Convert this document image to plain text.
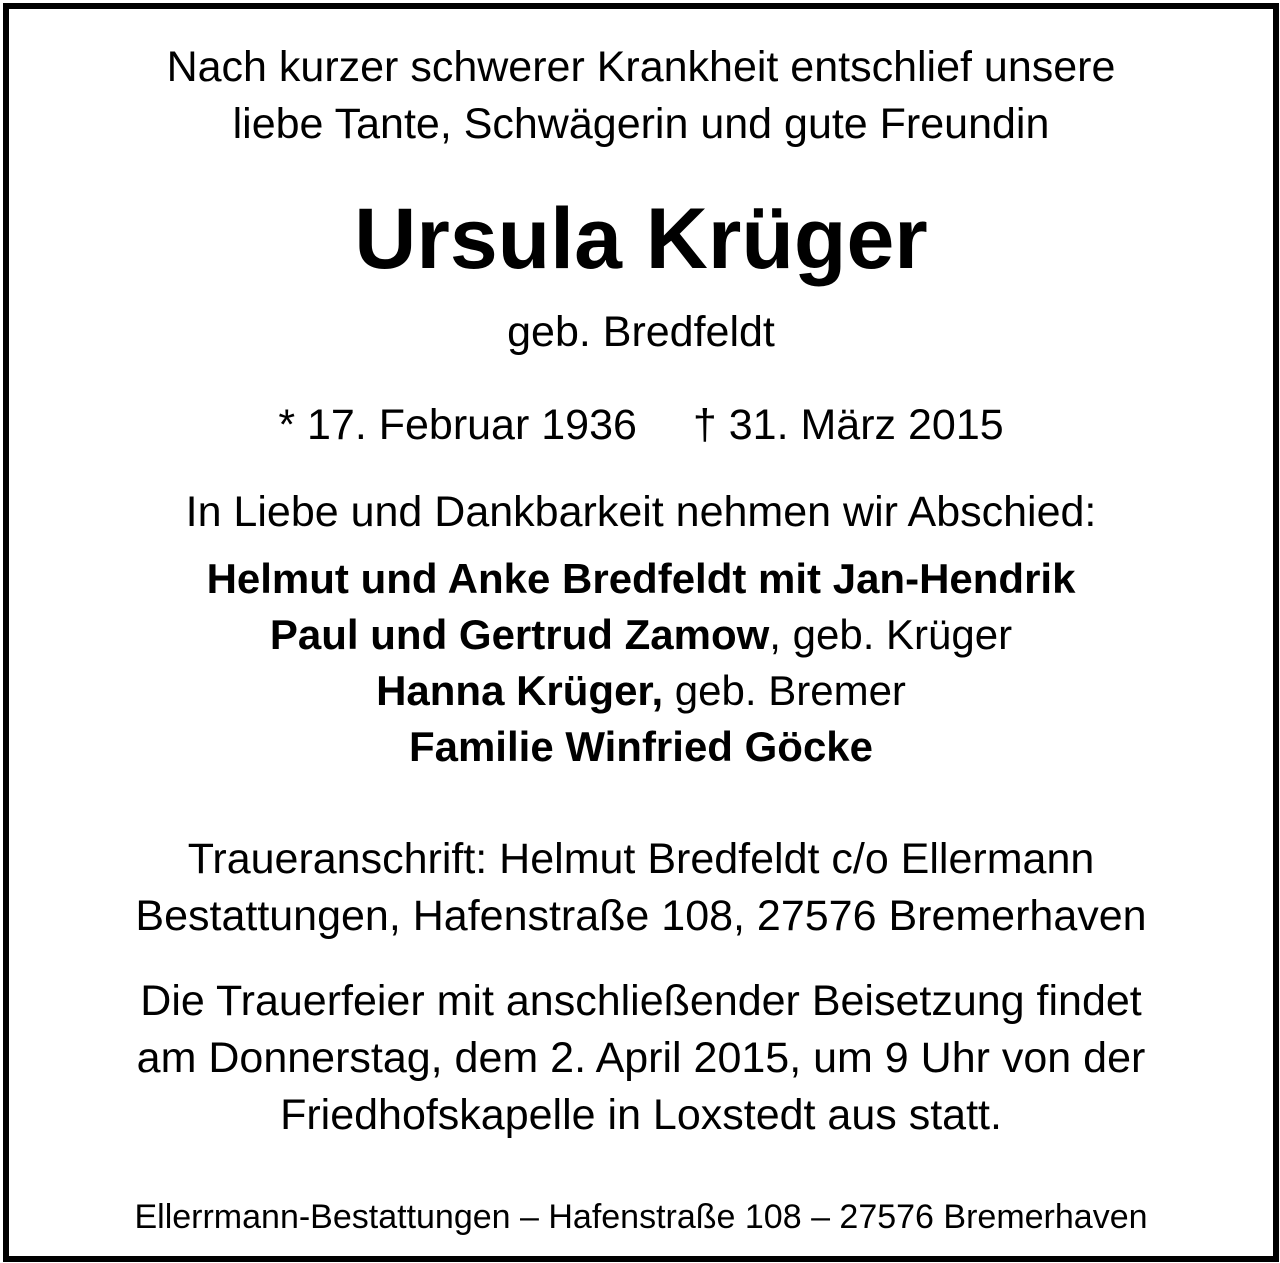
Nach kurzer schwerer Krankheit entschlief unsere
liebe Tante, Schwägerin und gute Freundin
Ursula Krüger
geb. Bredfeldt
* 17. Februar 1936 † 31. März 2015
In Liebe und Dankbarkeit nehmen wir Abschied:
Helmut und Anke Bredfeldt mit Jan-Hendrik
Paul und Gertrud Zamow, geb. Krüger
Hanna Krüger, geb. Bremer
Familie Winfried Göcke
Traueranschrift: Helmut Bredfeldt c/o Ellermann
Bestattungen, Hafenstraße 108, 27576 Bremerhaven
Die Trauerfeier mit anschließender Beisetzung findet
am Donnerstag, dem 2. April 2015, um 9 Uhr von der
Friedhofskapelle in Loxstedt aus statt.
Ellerrmann-Bestattungen – Hafenstraße 108 – 27576 Bremerhaven
